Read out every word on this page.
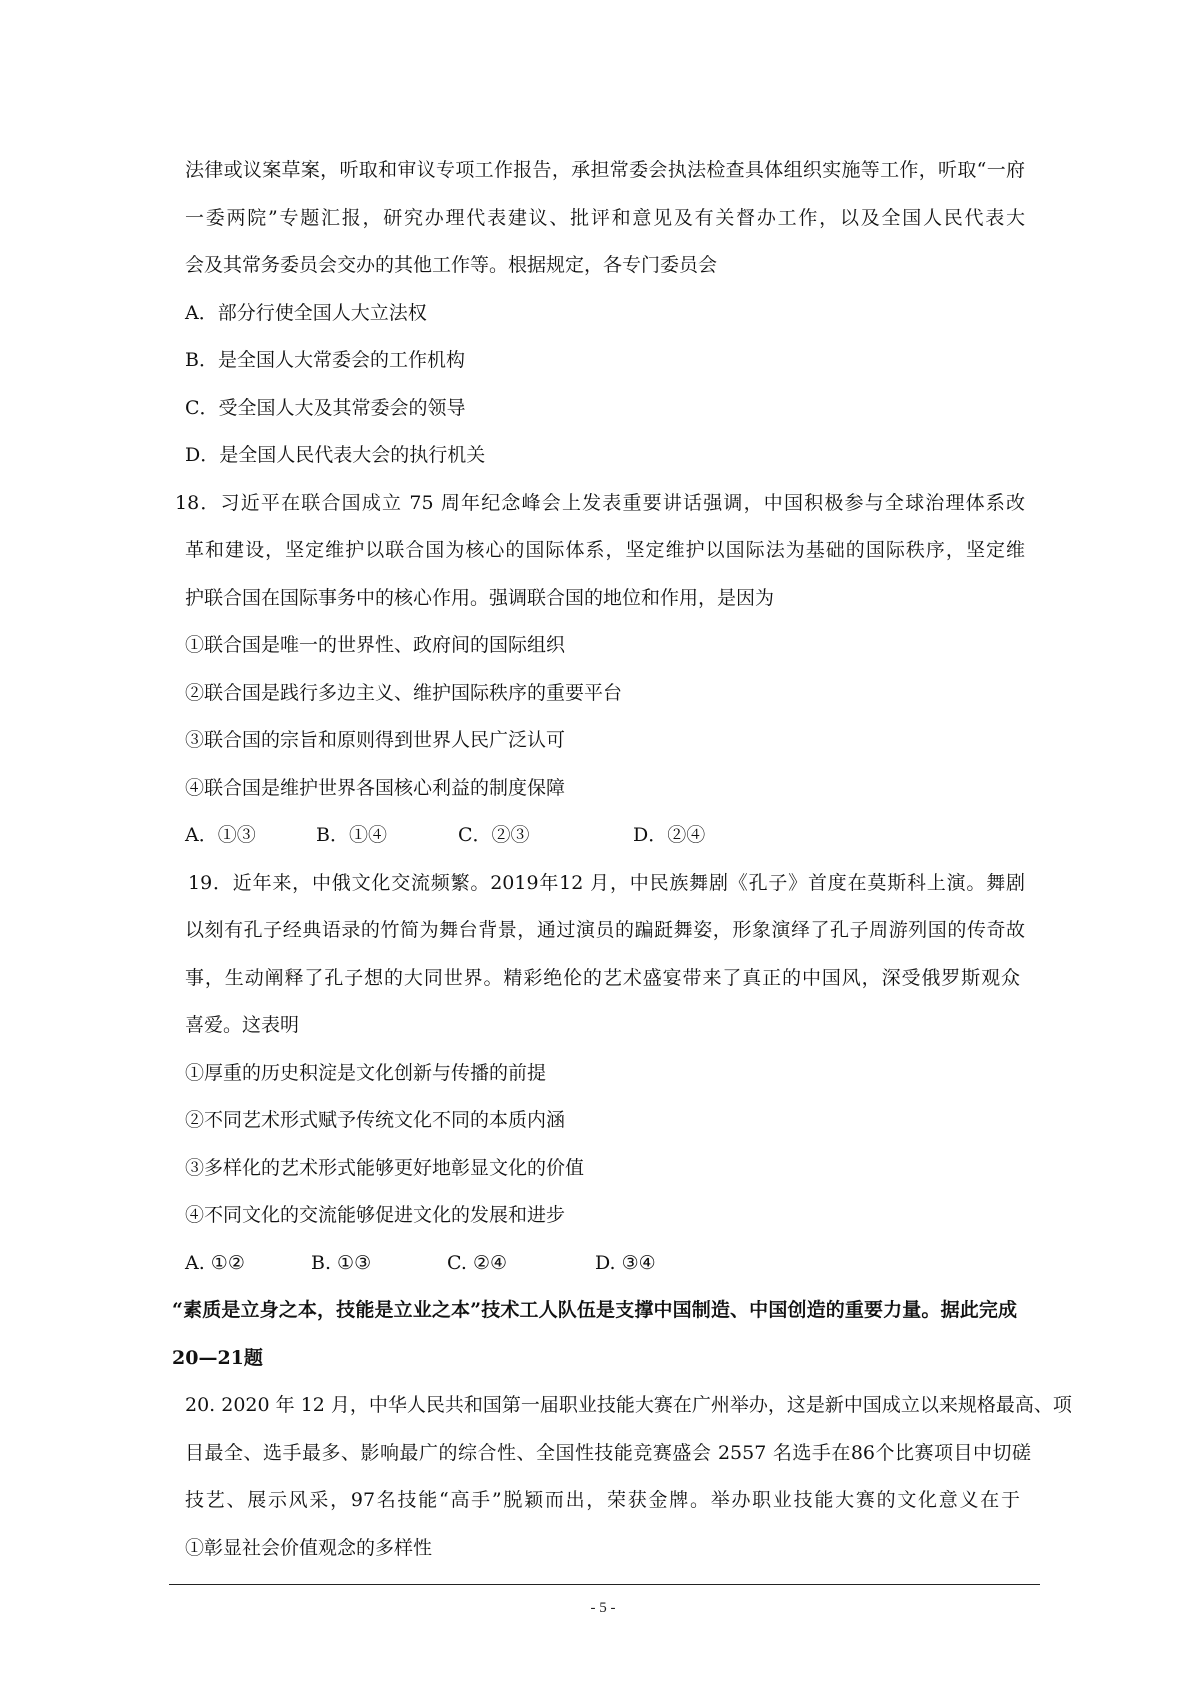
法律或议案草案，听取和审议专项工作报告，承担常委会执法检查具体组织实施等工作，听取“一府
一委两院”专题汇报，研究办理代表建议、批评和意见及有关督办工作，以及全国人民代表大
会及其常务委员会交办的其他工作等。根据规定，各专门委员会
A．部分行使全国人大立法权
B．是全国人大常委会的工作机构
C．受全国人大及其常委会的领导
D．是全国人民代表大会的执行机关
18．习近平在联合国成立 75 周年纪念峰会上发表重要讲话强调，中国积极参与全球治理体系改
革和建设，坚定维护以联合国为核心的国际体系，坚定维护以国际法为基础的国际秩序，坚定维
护联合国在国际事务中的核心作用。强调联合国的地位和作用，是因为
①联合国是唯一的世界性、政府间的国际组织
②联合国是践行多边主义、维护国际秩序的重要平台
③联合国的宗旨和原则得到世界人民广泛认可
④联合国是维护世界各国核心利益的制度保障
A．①③	B．①④	C．②③	D．②④
19．近年来，中俄文化交流频繁。2019年12 月，中民族舞剧《孔子》首度在莫斯科上演。舞剧
以刻有孔子经典语录的竹简为舞台背景，通过演员的蹁跹舞姿，形象演绎了孔子周游列国的传奇故
事，生动阐释了孔子想的大同世界。精彩绝伦的艺术盛宴带来了真正的中国风，深受俄罗斯观众
喜爱。这表明
①厚重的历史积淀是文化创新与传播的前提
②不同艺术形式赋予传统文化不同的本质内涵
③多样化的艺术形式能够更好地彰显文化的价值
④不同文化的交流能够促进文化的发展和进步
A. ①②	B. ①③	C. ②④	D. ③④
“素质是立身之本，技能是立业之本”技术工人队伍是支撑中国制造、中国创造的重要力量。据此完成
20—21题
20. 2020 年 12 月，中华人民共和国第一届职业技能大赛在广州举办，这是新中国成立以来规格最高、项
目最全、选手最多、影响最广的综合性、全国性技能竞赛盛会 2557 名选手在86个比赛项目中切磋
技艺、展示风采，97名技能“高手”脱颖而出，荣获金牌。举办职业技能大赛的文化意义在于
①彰显社会价值观念的多样性
- 5 -
